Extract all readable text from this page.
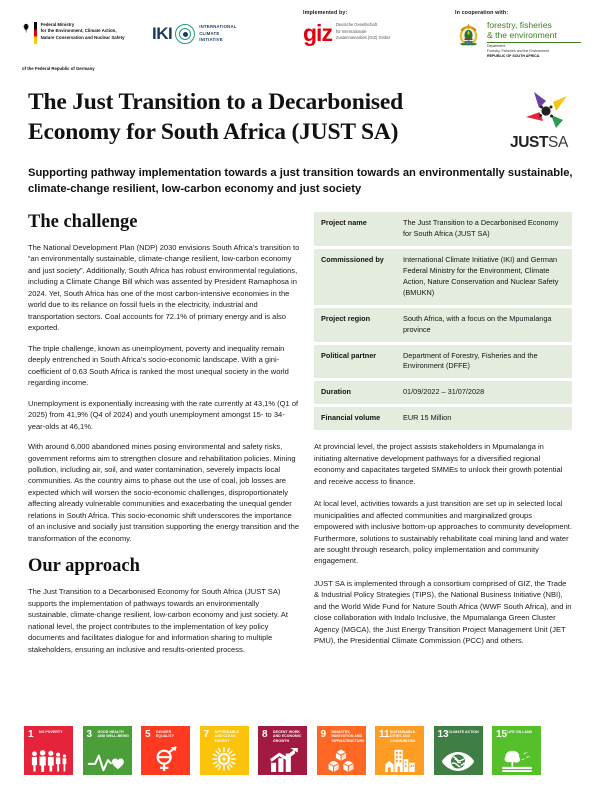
Federal Ministry
for the Environment, Climate Action,
Nature Conservation and Nuclear Safety
of the Federal Republic of Germany
IKI	INTERNATIONAL
CLIMATE
INITIATIVE
Implemented by:
giz Deutsche Gesellschaft
für Internationale
Zusammenarbeit (GIZ) GmbH
In cooperation with:
forestry, fisheries
& the environment
Department
Forestry, Fisheries and the Environment
REPUBLIC OF SOUTH AFRICA
The Just Transition to a Decarbonised
Economy for South Africa (JUST SA)	JUSTSA
Supporting pathway implementation towards a just transition towards an environmentally sustainable, climate-change resilient, low-carbon economy and just society
The challenge

The National Development Plan (NDP) 2030 envisions South Africa’s transition to “an environmentally sustainable, climate-change resilient, low-carbon economy and just society”. Additionally, South Africa has robust environmental regulations, including a Climate Change Bill which was assented by President Ramaphosa in 2024. Yet, South Africa has one of the most carbon-intensive economies in the world due to its reliance on fossil fuels in the electricity, industrial and transportation sectors. Coal accounts for 72.1% of primary energy and is also exported.

The triple challenge, known as unemployment, poverty and inequality remain deeply entrenched in South Africa’s socio-economic landscape. With a gini-coefficient of 0.63 South Africa is ranked the most unequal society in the world regarding income.

Unemployment is exponentially increasing with the rate currently at 43,1% (Q1 of 2025) from 41,9% (Q4 of 2024) and youth unemployment amongst 15- to 34-year-olds at 46,1%.

With around 6,000 abandoned mines posing environmental and safety risks, government reforms aim to strengthen closure and rehabilitation policies. Mining pollution, including air, soil, and water contamination, severely impacts local communities. As the country aims to phase out the use of coal, job losses are expected which will worsen the socio-economic challenges, disproportionately affecting already vulnerable communities and exacerbating the unequal gender relations in South Africa. This socio-economic shift underscores the importance of an inclusive and socially just transition supporting the energy transition and the transformation of the economy.

Our approach

The Just Transition to a Decarbonised Economy for South Africa (JUST SA) supports the implementation of pathways towards an environmentally sustainable, climate-change resilient, low-carbon economy and just society. At national level, the project contributes to the implementation of key policy documents and facilitates dialogue for and information sharing to multiple stakeholders, ensuring an inclusive and results-oriented process.

Project name	The Just Transition to a Decarbonised Economy for South Africa (JUST SA)
Commissioned by	International Climate Initiative (IKI) and German Federal Ministry for the Environment, Climate Action, Nature Conservation and Nuclear Safety (BMUKN)
Project region	South Africa, with a focus on the Mpumalanga province
Political partner	Department of Forestry, Fisheries and the Environment (DFFE)
Duration	01/09/2022 – 31/07/2028
Financial volume	EUR 15 Million

At provincial level, the project assists stakeholders in Mpumalanga in initiating alternative development pathways for a diversified regional economy and capacitates targeted SMMEs to unlock their growth potential and receive access to finance.

At local level, activities towards a just transition are set up in selected local municipalities and affected communities and marginalized groups empowered with inclusive bottom-up approaches to community development. Furthermore, solutions to sustainably rehabilitate coal mining land and water are sought through research, policy implementation and community engagement.

JUST SA is implemented through a consortium comprised of GIZ, the Trade & Industrial Policy Strategies (TIPS), the National Business Initiative (NBI), and the World Wide Fund for Nature South Africa (WWF South Africa), and in close collaboration with Indalo Inclusive, the Mpumalanga Green Cluster Agency (MGCA), the Just Energy Transition Project Management Unit (JET PMU), the Presidential Climate Commission (PCC) and others.

1 NO POVERTY	3 GOOD HEALTH AND WELL-BEING 5 GENDER EQUALITY	7 AFFORDABLE AND CLEAN ENERGY
8 DECENT WORK AND ECONOMIC GROWTH
9 INDUSTRY, INNOVATION AND INFRASTRUCTURE
11 SUSTAINABLE CITIES AND COMMUNITIES
13 CLIMATE ACTION 15 LIFE ON LAND
